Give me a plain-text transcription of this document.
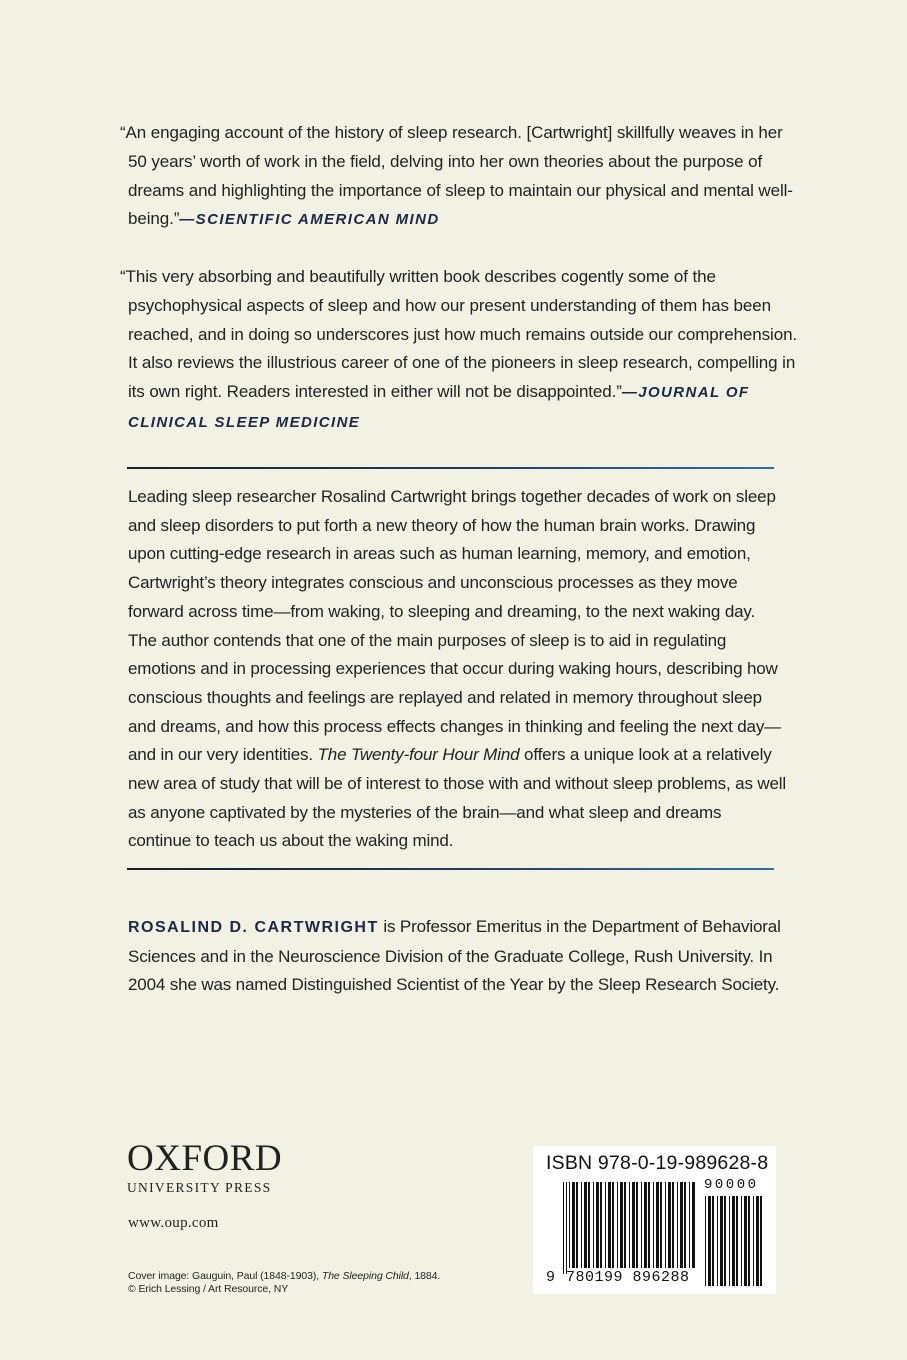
“An engaging account of the history of sleep research. [Cartwright] skillfully weaves in her 50 years’ worth of work in the field, delving into her own theories about the purpose of dreams and highlighting the importance of sleep to maintain our physical and mental well-being.”—SCIENTIFIC AMERICAN MIND

“This very absorbing and beautifully written book describes cogently some of the psychophysical aspects of sleep and how our present understanding of them has been reached, and in doing so underscores just how much remains outside our comprehension. It also reviews the illustrious career of one of the pioneers in sleep research, compelling in its own right. Readers interested in either will not be disappointed.”—JOURNAL OF CLINICAL SLEEP MEDICINE

Leading sleep researcher Rosalind Cartwright brings together decades of work on sleep and sleep disorders to put forth a new theory of how the human brain works. Drawing upon cutting-edge research in areas such as human learning, memory, and emotion, Cartwright’s theory integrates conscious and unconscious processes as they move forward across time—from waking, to sleeping and dreaming, to the next waking day. The author contends that one of the main purposes of sleep is to aid in regulating emotions and in processing experiences that occur during waking hours, describing how conscious thoughts and feelings are replayed and related in memory throughout sleep and dreams, and how this process effects changes in thinking and feeling the next day—and in our very identities. The Twenty-four Hour Mind offers a unique look at a relatively new area of study that will be of interest to those with and without sleep problems, as well as anyone captivated by the mysteries of the brain—and what sleep and dreams continue to teach us about the waking mind.

ROSALIND D. CARTWRIGHT is Professor Emeritus in the Department of Behavioral Sciences and in the Neuroscience Division of the Graduate College, Rush University. In 2004 she was named Distinguished Scientist of the Year by the Sleep Research Society.

OXFORD
UNIVERSITY PRESS
www.oup.com
Cover image: Gauguin, Paul (1848-1903), The Sleeping Child, 1884.
© Erich Lessing / Art Resource, NY
ISBN 978-0-19-989628-8
90000
9 780199 896288
